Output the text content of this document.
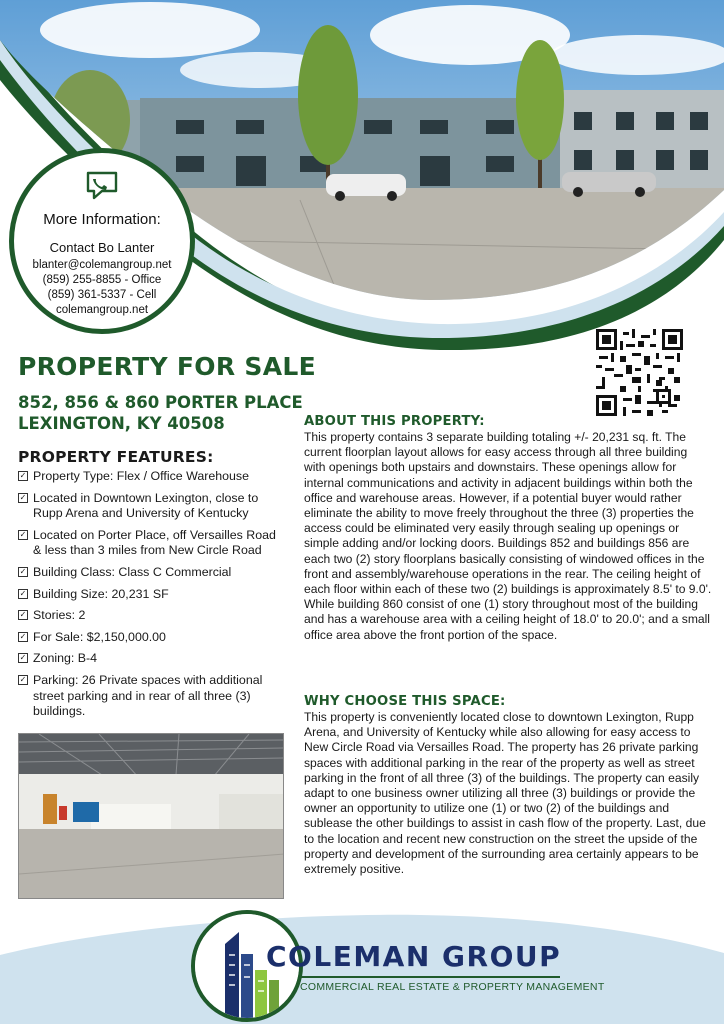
More Information:
Contact Bo Lanter
blanter@colemangroup.net
(859) 255-8855 - Office
(859) 361-5337 - Cell
colemangroup.net
PROPERTY FOR SALE
852, 856 & 860 PORTER PLACE
LEXINGTON, KY 40508
PROPERTY FEATURES:
✓ Property Type: Flex / Office Warehouse
✓ Located in Downtown Lexington, close to Rupp Arena and University of Kentucky
✓ Located on Porter Place, off Versailles Road & less than 3 miles from New Circle Road
✓ Building Class: Class C Commercial
✓ Building Size: 20,231 SF
✓ Stories: 2
✓ For Sale: $2,150,000.00
✓ Zoning: B-4
✓ Parking: 26 Private spaces with additional street parking and in rear of all three (3) buildings.
ABOUT THIS PROPERTY:
This property contains 3 separate building totaling +/- 20,231 sq. ft. The current floorplan layout allows for easy access through all three building with openings both upstairs and downstairs. These openings allow for internal communications and activity in adjacent buildings within both the office and warehouse areas. However, if a potential buyer would rather eliminate the ability to move freely throughout the three (3) properties the access could be eliminated very easily through sealing up openings or simple adding and/or locking doors. Buildings 852 and buildings 856 are each two (2) story floorplans basically consisting of windowed offices in the front and assembly/warehouse operations in the rear. The ceiling height of each floor within each of these two (2) buildings is approximately 8.5' to 9.0'. While building 860 consist of one (1) story throughout most of the building and has a warehouse area with a ceiling height of 18.0' to 20.0'; and a small office area above the front portion of the space.
WHY CHOOSE THIS SPACE:
This property is conveniently located close to downtown Lexington, Rupp Arena, and University of Kentucky while also allowing for easy access to New Circle Road via Versailles Road. The property has 26 private parking spaces with additional parking in the rear of the property as well as street parking in the front of all three (3) of the buildings. The property can easily adapt to one business owner utilizing all three (3) buildings or provide the owner an opportunity to utilize one (1) or two (2) of the buildings and sublease the other buildings to assist in cash flow of the property. Last, due to the location and recent new construction on the street the upside of the property and development of the surrounding area certainly appears to be extremely positive.
COLEMAN GROUP
COMMERCIAL REAL ESTATE & PROPERTY MANAGEMENT
